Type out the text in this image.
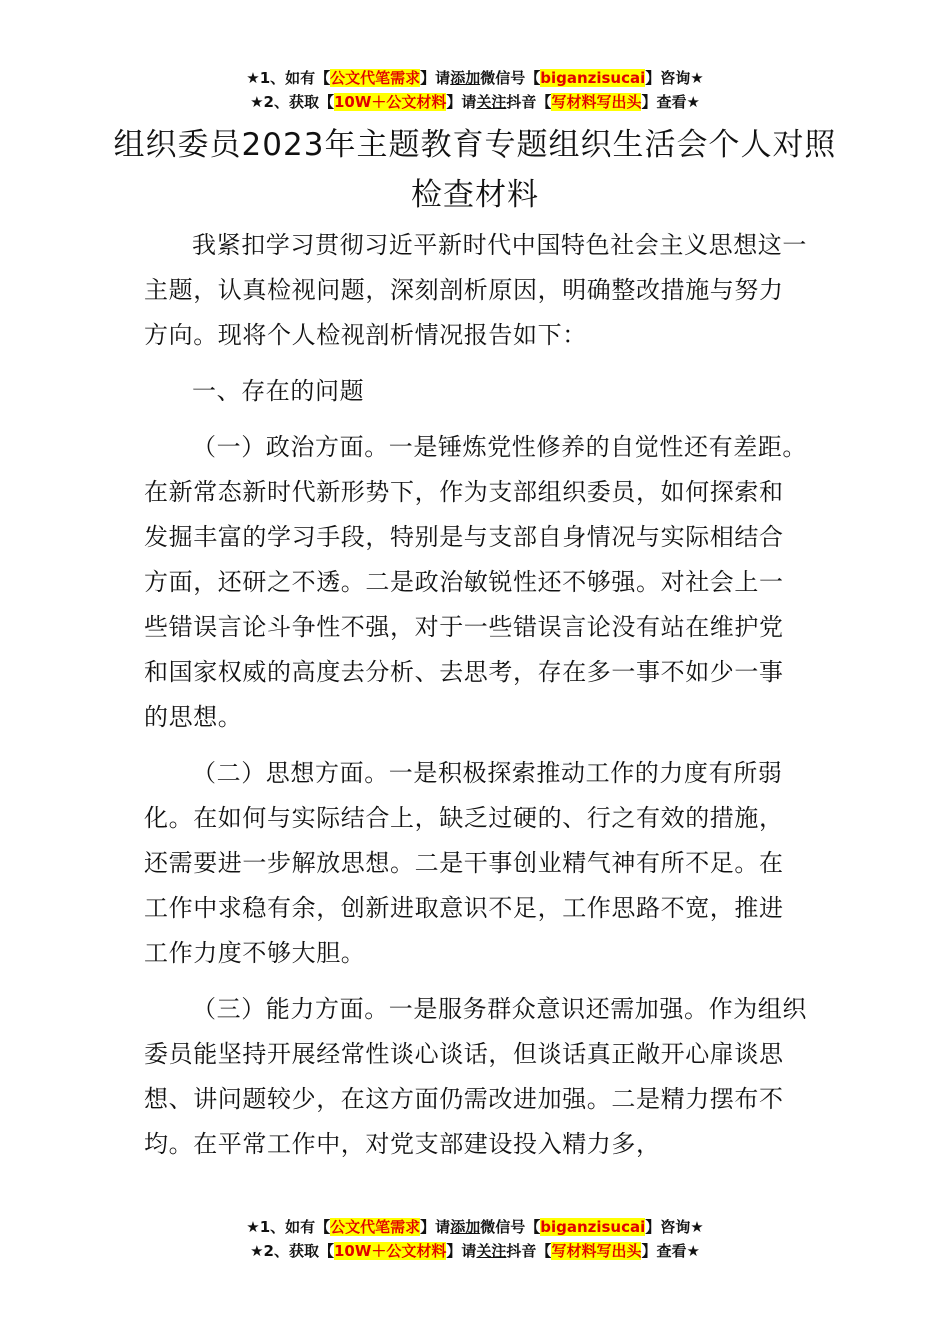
★1、如有【公文代笔需求】请添加微信号【biganzisucai】咨询★
★2、获取【10W＋公文材料】请关注抖音【写材料写出头】查看★
组织委员2023年主题教育专题组织生活会个人对照检查材料

我紧扣学习贯彻习近平新时代中国特色社会主义思想这一主题，认真检视问题，深刻剖析原因，明确整改措施与努力方向。现将个人检视剖析情况报告如下：

一、存在的问题

（一）政治方面。一是锤炼党性修养的自觉性还有差距。在新常态新时代新形势下，作为支部组织委员，如何探索和发掘丰富的学习手段，特别是与支部自身情况与实际相结合方面，还研之不透。二是政治敏锐性还不够强。对社会上一些错误言论斗争性不强，对于一些错误言论没有站在维护党和国家权威的高度去分析、去思考，存在多一事不如少一事的思想。

（二）思想方面。一是积极探索推动工作的力度有所弱化。在如何与实际结合上，缺乏过硬的、行之有效的措施，还需要进一步解放思想。二是干事创业精气神有所不足。在工作中求稳有余，创新进取意识不足，工作思路不宽，推进工作力度不够大胆。

（三）能力方面。一是服务群众意识还需加强。作为组织委员能坚持开展经常性谈心谈话，但谈话真正敞开心扉谈思想、讲问题较少，在这方面仍需改进加强。二是精力摆布不均。在平常工作中，对党支部建设投入精力多，

★1、如有【公文代笔需求】请添加微信号【biganzisucai】咨询★
★2、获取【10W＋公文材料】请关注抖音【写材料写出头】查看★
